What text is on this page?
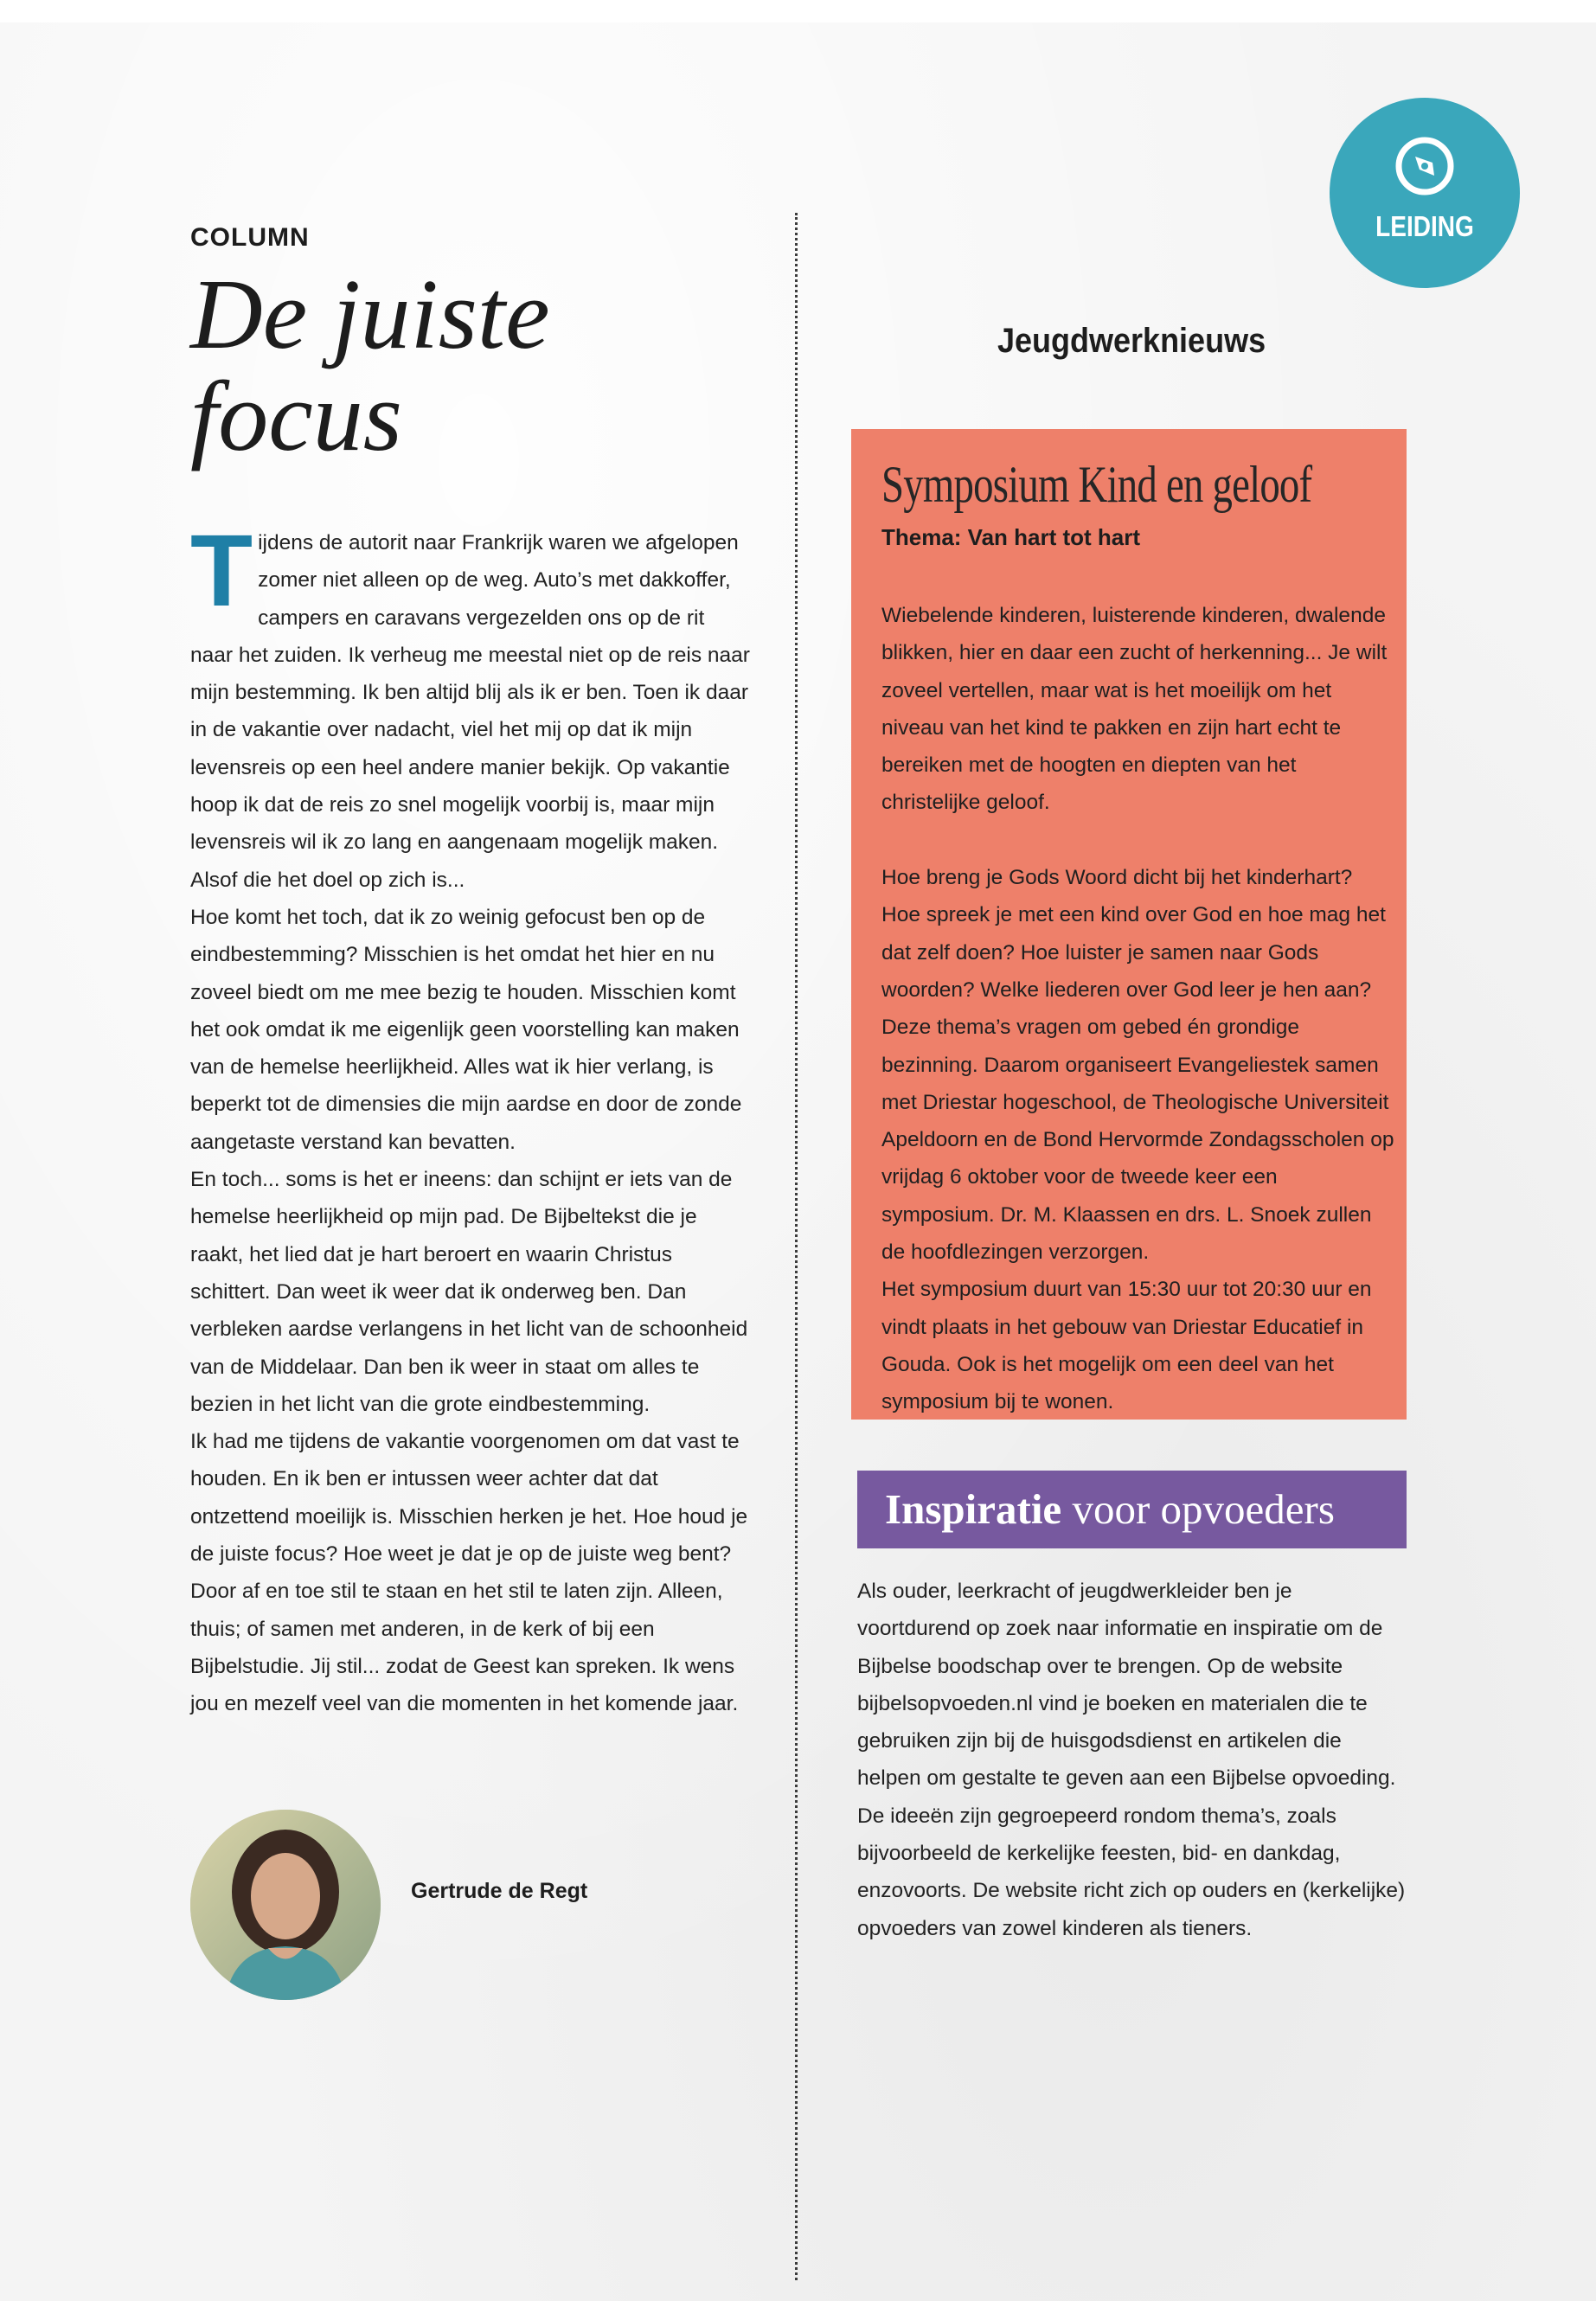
LEIDING
COLUMN
De juiste
focus

Tijdens de autorit naar Frankrijk waren we afgelopen zomer niet alleen op de weg. Auto’s met dakkoffer, campers en caravans vergezelden ons op de rit naar het zuiden. Ik verheug me meestal niet op de reis naar mijn bestemming. Ik ben altijd blij als ik er ben. Toen ik daar in de vakantie over nadacht, viel het mij op dat ik mijn levensreis op een heel andere manier bekijk. Op vakantie hoop ik dat de reis zo snel mogelijk voorbij is, maar mijn levensreis wil ik zo lang en aangenaam mogelijk maken. Alsof die het doel op zich is...

Hoe komt het toch, dat ik zo weinig gefocust ben op de eindbestemming? Misschien is het omdat het hier en nu zoveel biedt om me mee bezig te houden. Misschien komt het ook omdat ik me eigenlijk geen voorstelling kan maken van de hemelse heerlijkheid. Alles wat ik hier verlang, is beperkt tot de dimensies die mijn aardse en door de zonde aangetaste verstand kan bevatten.

En toch... soms is het er ineens: dan schijnt er iets van de hemelse heerlijkheid op mijn pad. De Bijbeltekst die je raakt, het lied dat je hart beroert en waarin Christus schittert. Dan weet ik weer dat ik onderweg ben. Dan verbleken aardse verlangens in het licht van de schoonheid van de Middelaar. Dan ben ik weer in staat om alles te bezien in het licht van die grote eindbestemming.

Ik had me tijdens de vakantie voorgenomen om dat vast te houden. En ik ben er intussen weer achter dat dat ontzettend moeilijk is. Misschien herken je het. Hoe houd je de juiste focus? Hoe weet je dat je op de juiste weg bent? Door af en toe stil te staan en het stil te laten zijn. Alleen, thuis; of samen met anderen, in de kerk of bij een Bijbelstudie. Jij stil... zodat de Geest kan spreken. Ik wens jou en mezelf veel van die momenten in het komende jaar.

Gertrude de Regt
Jeugdwerknieuws
Symposium Kind en geloof
Thema: Van hart tot hart

Wiebelende kinderen, luisterende kinderen, dwalende blikken, hier en daar een zucht of herkenning... Je wilt zoveel vertellen, maar wat is het moeilijk om het niveau van het kind te pakken en zijn hart echt te bereiken met de hoogten en diepten van het christelijke geloof.

Hoe breng je Gods Woord dicht bij het kinderhart? Hoe spreek je met een kind over God en hoe mag het dat zelf doen? Hoe luister je samen naar Gods woorden? Welke liederen over God leer je hen aan? Deze thema’s vragen om gebed én grondige bezinning. Daarom organiseert Evangeliestek samen met Driestar hogeschool, de Theologische Universiteit Apeldoorn en de Bond Hervormde Zondagsscholen op vrijdag 6 oktober voor de tweede keer een symposium. Dr. M. Klaassen en drs. L. Snoek zullen de hoofdlezingen verzorgen.

Het symposium duurt van 15:30 uur tot 20:30 uur en vindt plaats in het gebouw van Driestar Educatief in Gouda. Ook is het mogelijk om een deel van het symposium bij te wonen.

Inspiratie voor opvoeders

Als ouder, leerkracht of jeugdwerkleider ben je voortdurend op zoek naar informatie en inspiratie om de Bijbelse boodschap over te brengen. Op de website bijbelsopvoeden.nl vind je boeken en materialen die te gebruiken zijn bij de huisgodsdienst en artikelen die helpen om gestalte te geven aan een Bijbelse opvoeding. De ideeën zijn gegroepeerd rondom thema’s, zoals bijvoorbeeld de kerkelijke feesten, bid- en dankdag, enzovoorts. De website richt zich op ouders en (kerkelijke) opvoeders van zowel kinderen als tieners.
